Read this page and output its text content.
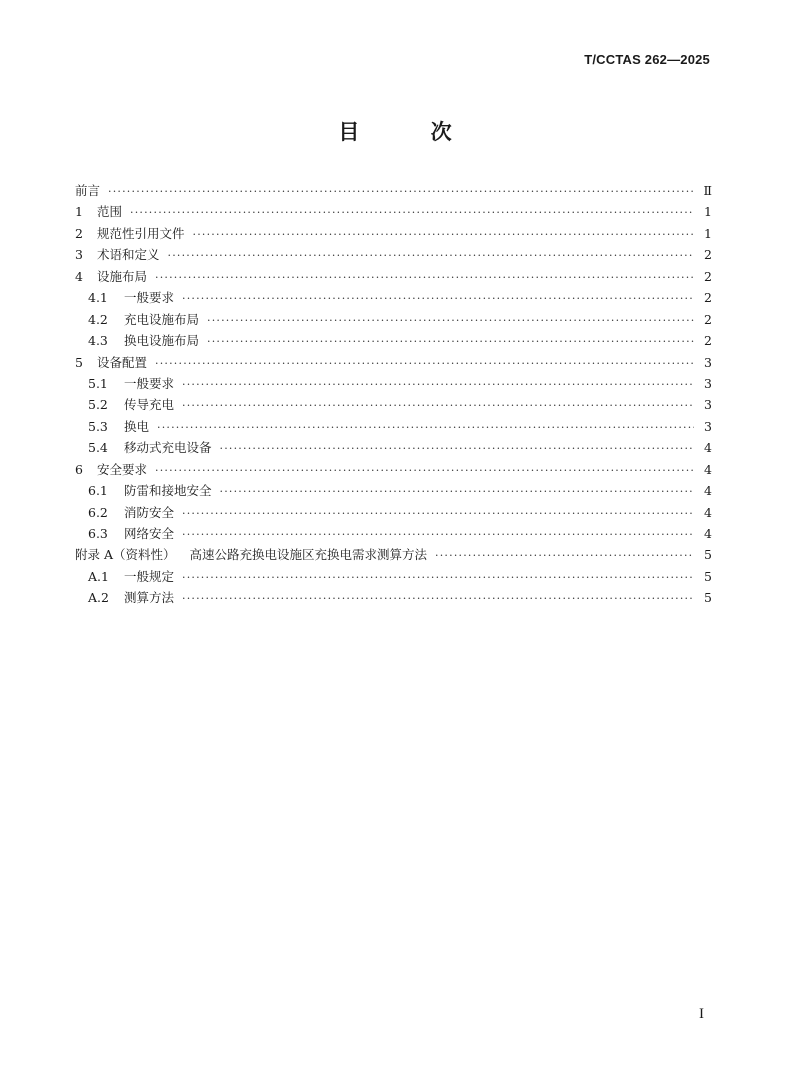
T/CCTAS 262—2025
目 次
前言 ·····	Ⅱ
1	范围 ·····	1
2	规范性引用文件 ·····	1
3	术语和定义 ·····	2
4	设施布局 ·····	2
4.1	一般要求 ·····	2
4.2	充电设施布局 ·····	2
4.3	换电设施布局 ·····	2
5	设备配置 ·····	3
5.1	一般要求 ·····	3
5.2	传导充电 ·····	3
5.3	换电 ·····	3
5.4	移动式充电设备 ·····	4
6	安全要求 ·····	4
6.1	防雷和接地安全 ·····	4
6.2	消防安全 ·····	4
6.3	网络安全 ·····	4
附录 A（资料性） 高速公路充换电设施区充换电需求测算方法 ·····	5
A.1	一般规定 ·····	5
A.2	测算方法 ·····	5
I
